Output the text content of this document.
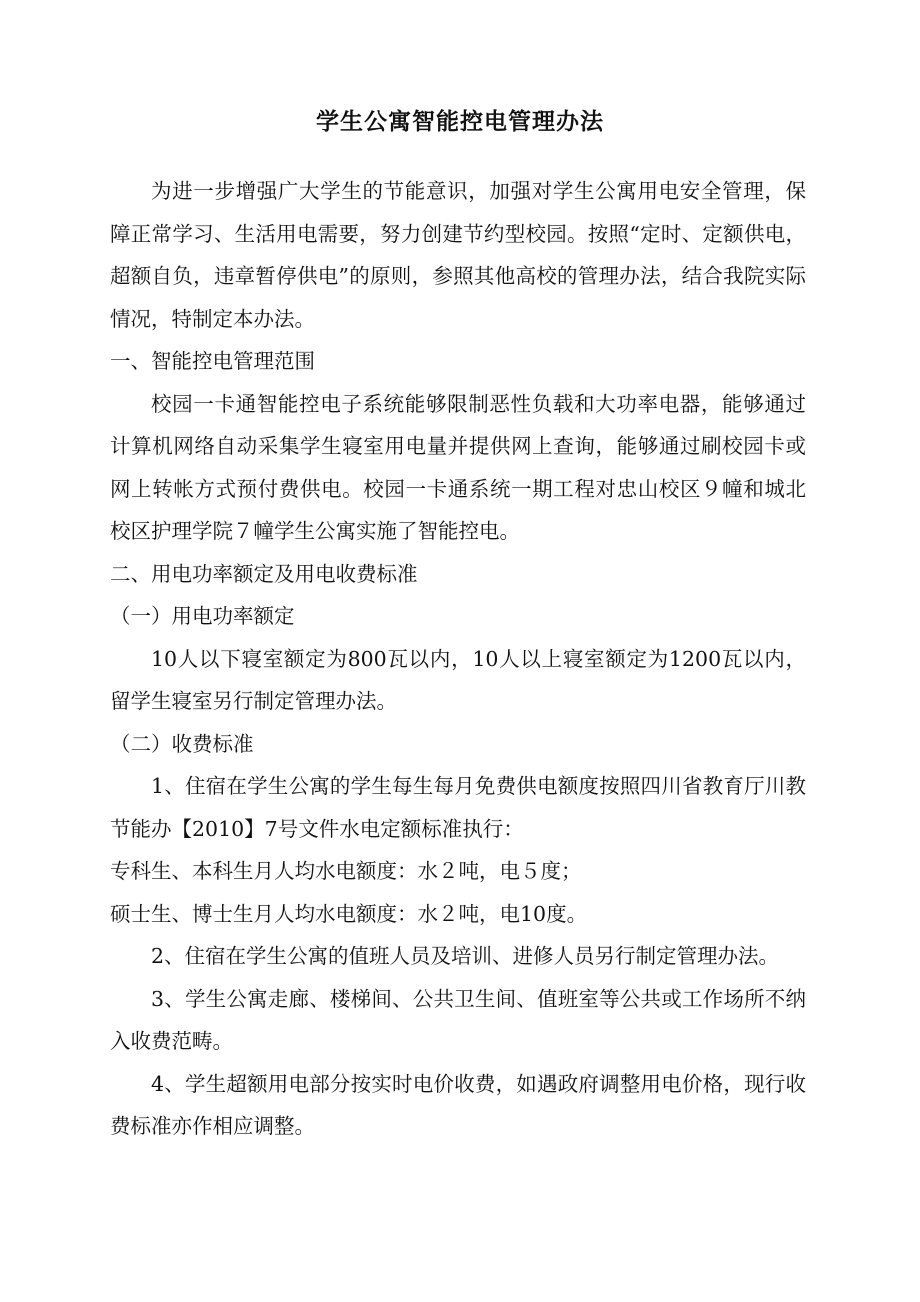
学生公寓智能控电管理办法

为进一步增强广大学生的节能意识，加强对学生公寓用电安全管理，保障正常学习、生活用电需要，努力创建节约型校园。按照“定时、定额供电，超额自负，违章暂停供电”的原则，参照其他高校的管理办法，结合我院实际情况，特制定本办法。

一、智能控电管理范围

校园一卡通智能控电子系统能够限制恶性负载和大功率电器，能够通过计算机网络自动采集学生寝室用电量并提供网上查询，能够通过刷校园卡或网上转帐方式预付费供电。校园一卡通系统一期工程对忠山校区９幢和城北校区护理学院７幢学生公寓实施了智能控电。

二、用电功率额定及用电收费标准

（一）用电功率额定

10人以下寝室额定为800瓦以内，10人以上寝室额定为1200瓦以内，留学生寝室另行制定管理办法。

（二）收费标准

1、住宿在学生公寓的学生每生每月免费供电额度按照四川省教育厅川教节能办【2010】7号文件水电定额标准执行：

专科生、本科生月人均水电额度：水２吨，电５度；

硕士生、博士生月人均水电额度：水２吨，电10度。

2、住宿在学生公寓的值班人员及培训、进修人员另行制定管理办法。

3、学生公寓走廊、楼梯间、公共卫生间、值班室等公共或工作场所不纳入收费范畴。

4、学生超额用电部分按实时电价收费，如遇政府调整用电价格，现行收费标准亦作相应调整。
